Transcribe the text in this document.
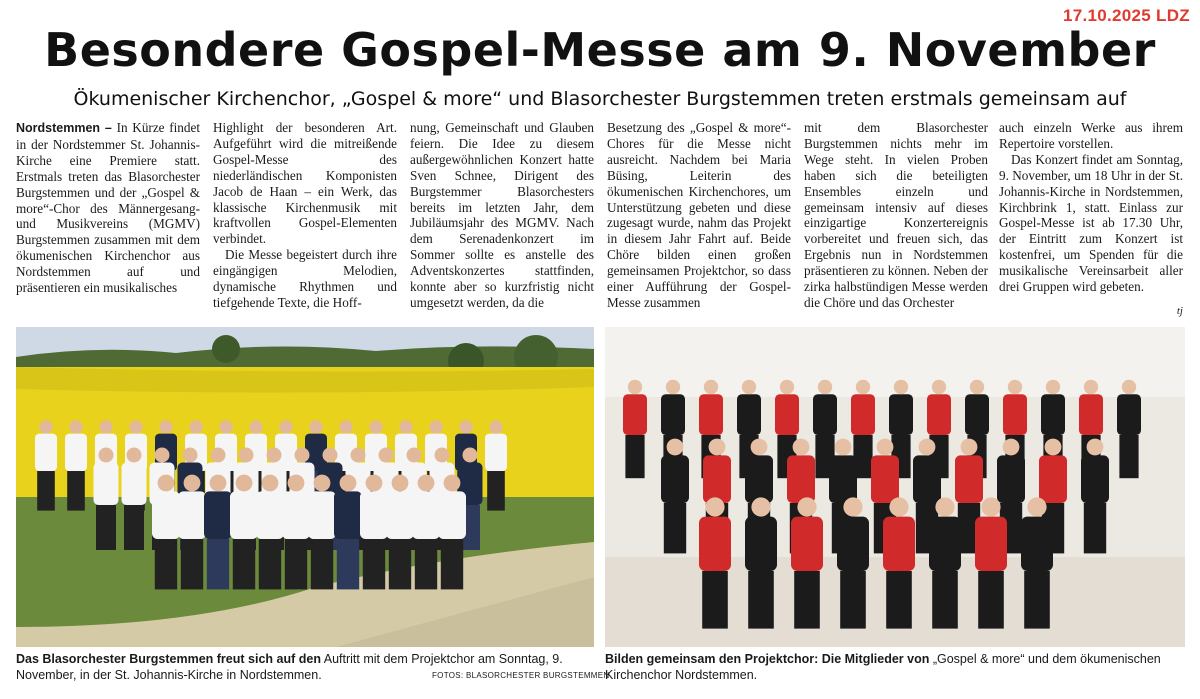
17.10.2025 LDZ
Besondere Gospel-Messe am 9. November
Ökumenischer Kirchenchor, „Gospel & more“ und Blasorchester Burgstemmen treten erstmals gemeinsam auf

Nordstemmen – In Kürze findet in der Nordstemmer St. Johannis-Kirche eine Premiere statt. Erstmals treten das Blasorchester Burgstemmen und der „Gospel & more“-Chor des Männergesang- und Musikvereins (MGMV) Burgstemmen zusammen mit dem ökumenischen Kirchenchor aus Nordstemmen auf und präsentieren ein musikalisches

Highlight der besonderen Art. Aufgeführt wird die mitreißende Gospel-Messe des niederländischen Komponisten Jacob de Haan – ein Werk, das klassische Kirchenmusik mit kraftvollen Gospel-Elementen verbindet.

Die Messe begeistert durch ihre eingängigen Melodien, dynamische Rhythmen und tiefgehende Texte, die Hoff-

nung, Gemeinschaft und Glauben feiern. Die Idee zu diesem außergewöhnlichen Konzert hatte Sven Schnee, Dirigent des Burgstemmer Blasorchesters bereits im letzten Jahr, dem Jubiläumsjahr des MGMV. Nach dem Serenadenkonzert im Sommer sollte es anstelle des Adventskonzertes stattfinden, konnte aber so kurzfristig nicht umgesetzt werden, da die

Besetzung des „Gospel & more“-Chores für die Messe nicht ausreicht. Nachdem bei Maria Büsing, Leiterin des ökumenischen Kirchenchores, um Unterstützung gebeten und diese zugesagt wurde, nahm das Projekt in diesem Jahr Fahrt auf. Beide Chöre bilden einen großen gemeinsamen Projektchor, so dass einer Aufführung der Gospel-Messe zusammen

mit dem Blasorchester Burgstemmen nichts mehr im Wege steht. In vielen Proben haben sich die beteiligten Ensembles einzeln und gemeinsam intensiv auf dieses einzigartige Konzertereignis vorbereitet und freuen sich, das Ergebnis nun in Nordstemmen präsentieren zu können. Neben der zirka halbstündigen Messe werden die Chöre und das Orchester

auch einzeln Werke aus ihrem Repertoire vorstellen.

Das Konzert findet am Sonntag, 9. November, um 18 Uhr in der St. Johannis-Kirche in Nordstemmen, Kirchbrink 1, statt. Einlass zur Gospel-Messe ist ab 17.30 Uhr, der Eintritt zum Konzert ist kostenfrei, um Spenden für die musikalische Vereinsarbeit aller drei Gruppen wird gebeten.

tj
Das Blasorchester Burgstemmen freut sich auf den Auftritt mit dem Projektchor am Sonntag, 9. November, in der St. Johannis-Kirche in Nordstemmen.	FOTOS: BLASORCHESTER BURGSTEMMEN
Bilden gemeinsam den Projektchor: Die Mitglieder von „Gospel & more“ und dem ökumenischen Kirchenchor Nordstemmen.
